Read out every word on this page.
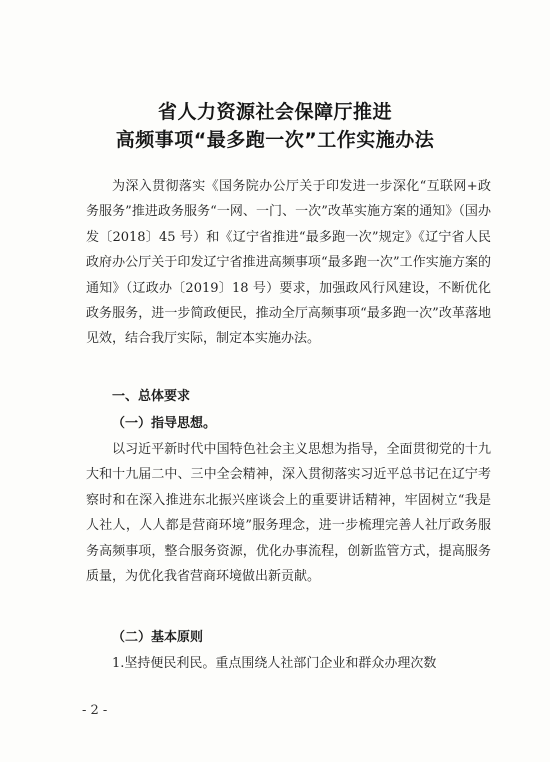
省人力资源社会保障厅推进
高频事项“最多跑一次”工作实施办法
为深入贯彻落实《国务院办公厅关于印发进一步深化“互联网+政务服务”推进政务服务“一网、一门、一次”改革实施方案的通知》（国办发〔2018〕45 号）和《辽宁省推进“最多跑一次”规定》《辽宁省人民政府办公厅关于印发辽宁省推进高频事项“最多跑一次”工作实施方案的通知》（辽政办〔2019〕18 号）要求，加强政风行风建设，不断优化政务服务，进一步简政便民，推动全厅高频事项“最多跑一次”改革落地见效，结合我厅实际，制定本实施办法。
一、总体要求
（一）指导思想。
以习近平新时代中国特色社会主义思想为指导，全面贯彻党的十九大和十九届二中、三中全会精神，深入贯彻落实习近平总书记在辽宁考察时和在深入推进东北振兴座谈会上的重要讲话精神，牢固树立“我是人社人，人人都是营商环境”服务理念，进一步梳理完善人社厅政务服务高频事项，整合服务资源，优化办事流程，创新监管方式，提高服务质量，为优化我省营商环境做出新贡献。
（二）基本原则
1.坚持便民利民。重点围绕人社部门企业和群众办理次数
- 2 -
